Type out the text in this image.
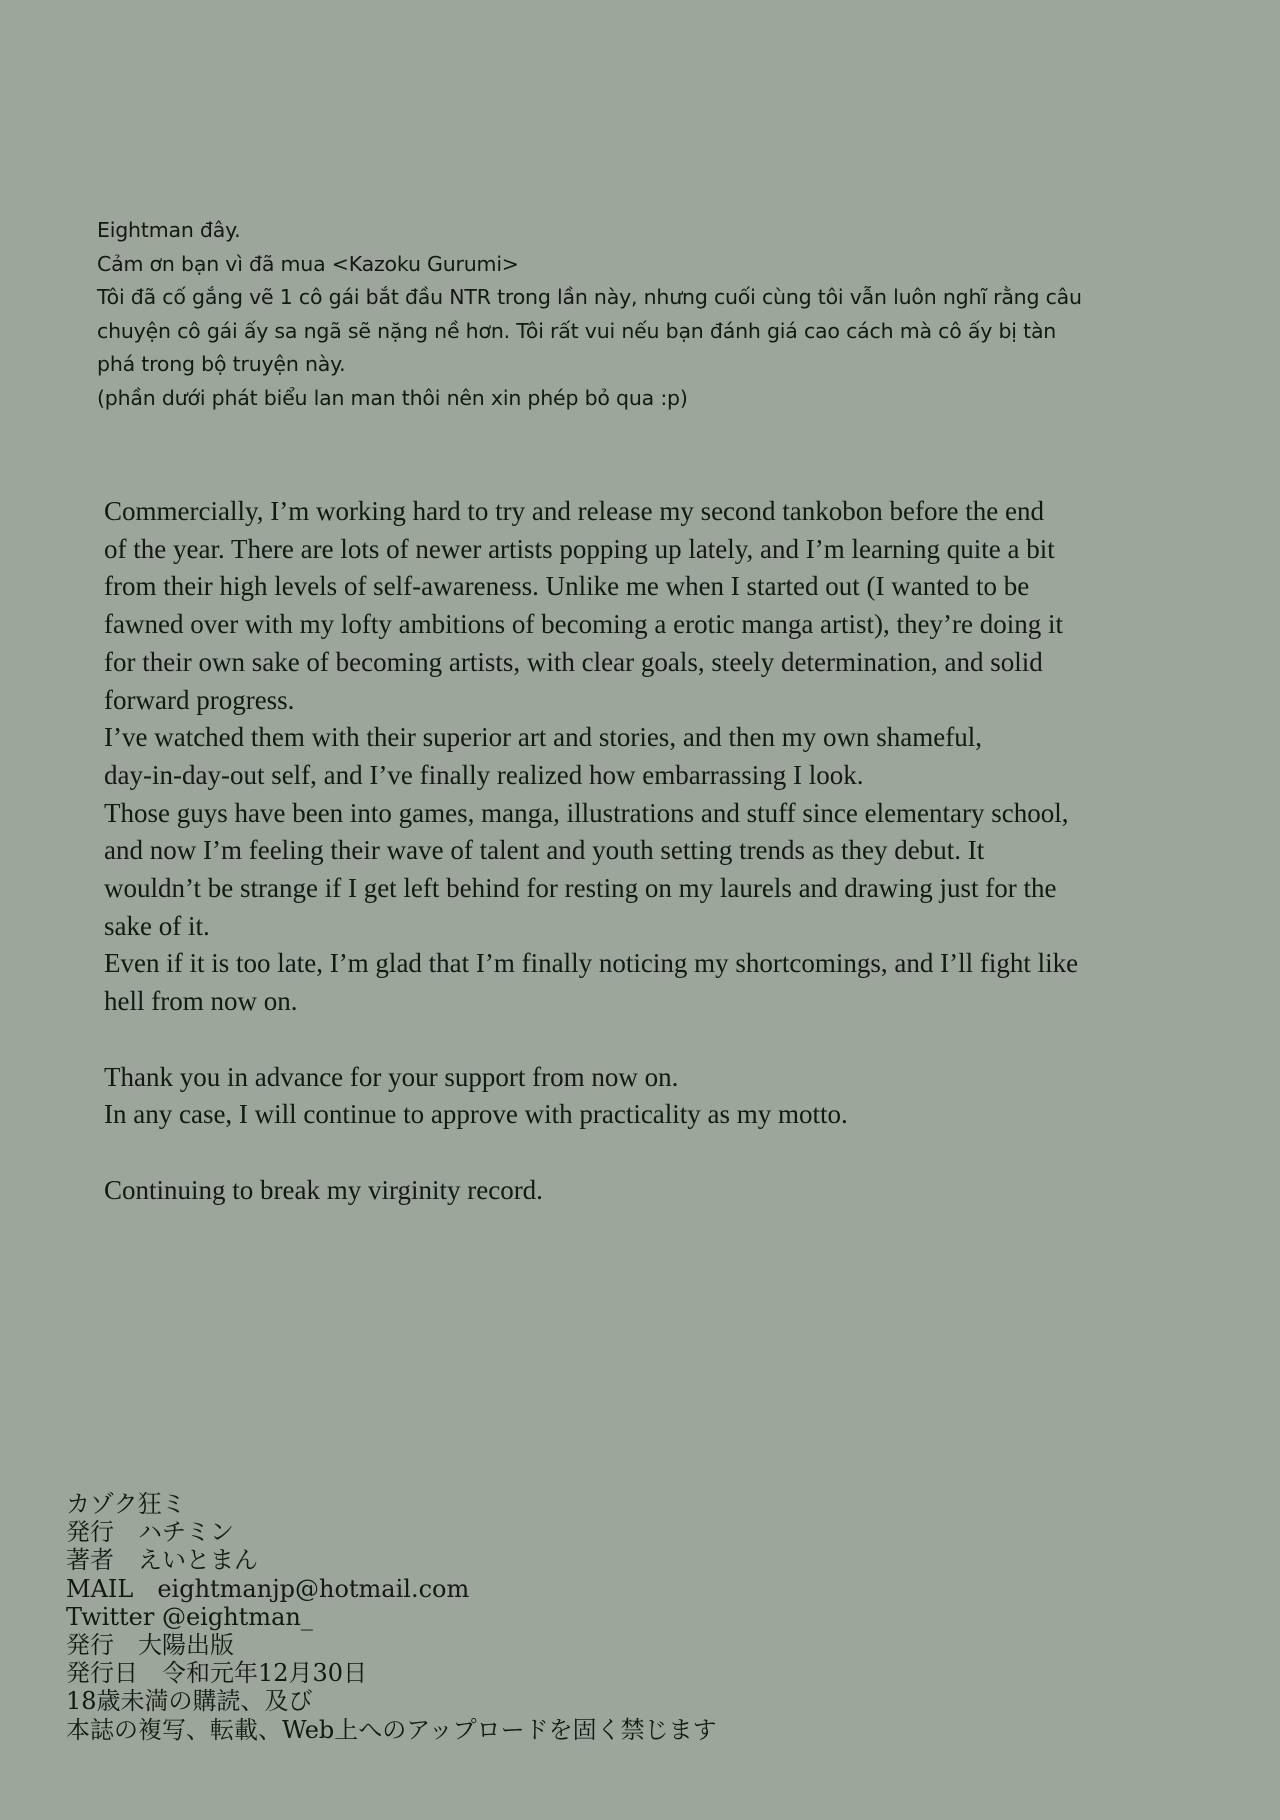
Eightman đây.
Cảm ơn bạn vì đã mua <Kazoku Gurumi>
Tôi đã cố gắng vẽ 1 cô gái bắt đầu NTR trong lần này, nhưng cuối cùng tôi vẫn luôn nghĩ rằng câu
chuyện cô gái ấy sa ngã sẽ nặng nề hơn. Tôi rất vui nếu bạn đánh giá cao cách mà cô ấy bị tàn
phá trong bộ truyện này.
(phần dưới phát biểu lan man thôi nên xin phép bỏ qua :p)
Commercially, I’m working hard to try and release my second tankobon before the end
of the year. There are lots of newer artists popping up lately, and I’m learning quite a bit
from their high levels of self-awareness. Unlike me when I started out (I wanted to be
fawned over with my lofty ambitions of becoming a erotic manga artist), they’re doing it
for their own sake of becoming artists, with clear goals, steely determination, and solid
forward progress.
I’ve watched them with their superior art and stories, and then my own shameful,
day-in-day-out self, and I’ve finally realized how embarrassing I look.
Those guys have been into games, manga, illustrations and stuff since elementary school,
and now I’m feeling their wave of talent and youth setting trends as they debut. It
wouldn’t be strange if I get left behind for resting on my laurels and drawing just for the
sake of it.
Even if it is too late, I’m glad that I’m finally noticing my shortcomings, and I’ll fight like
hell from now on.
Thank you in advance for your support from now on.
In any case, I will continue to approve with practicality as my motto.
Continuing to break my virginity record.
カゾク狂ミ
発行　ハチミン
著者　えいとまん
MAIL　eightmanjp@hotmail.com
Twitter @eightman_
発行　大陽出版
発行日　令和元年12月30日
18歳未満の購読、及び
本誌の複写、転載、Web上へのアップロードを固く禁じます
